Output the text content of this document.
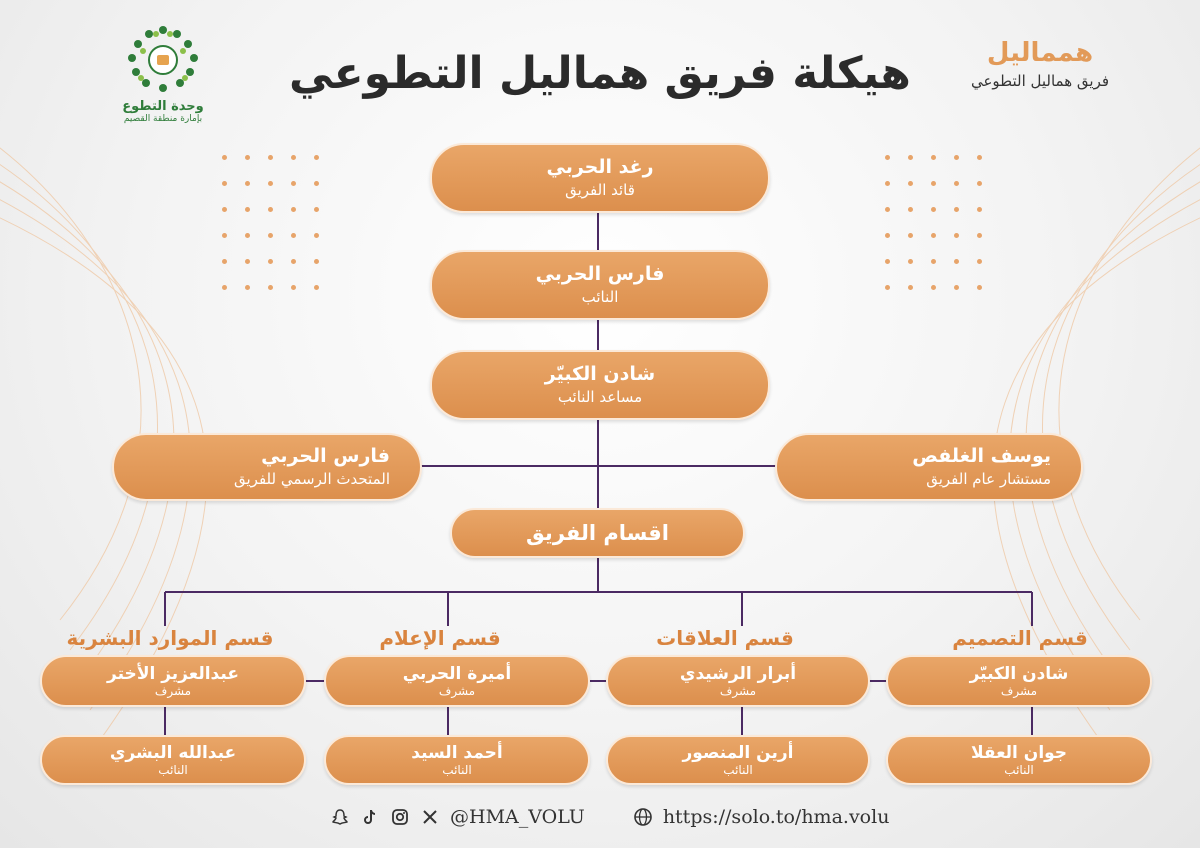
وحدة التطوع
بإمارة منطقة القصيم
همماليل
فريق هماليل التطوعي
هيكلة فريق هماليل التطوعي
رغد الحربي
قائد الفريق
فارس الحربي
النائب
شادن الكبيّر
مساعد النائب
فارس الحربي
المتحدث الرسمي للفريق
يوسف الغلفص
مستشار عام الفريق
اقسام الفريق
قسم الموارد البشرية	قسم الإعلام	قسم العلاقات	قسم التصميم
عبدالعزيز الأختر
مشرف
أميرة الحربي
مشرف
أبرار الرشيدي
مشرف
شادن الكبيّر
مشرف
عبدالله البشري
النائب
أحمد السيد
النائب
أرين المنصور
النائب
جوان العقلا
النائب
@HMA_VOLU	https://solo.to/hma.volu
